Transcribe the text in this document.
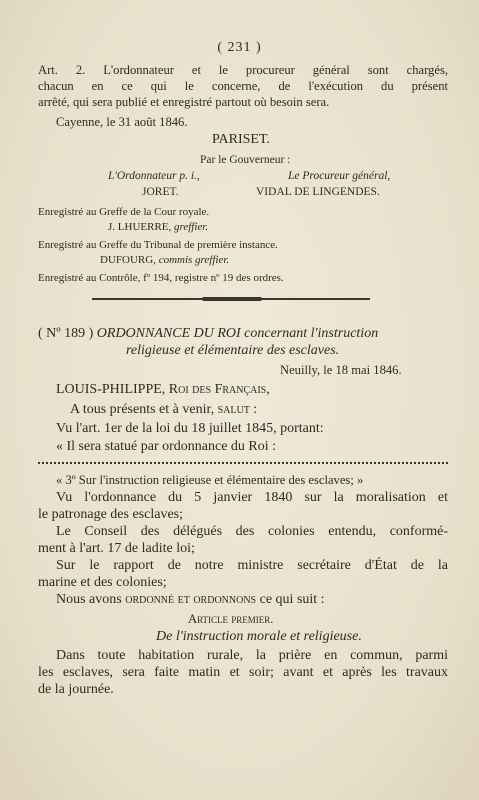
( 231 )
Art. 2. L'ordonnateur et le procureur général sont chargés,
chacun en ce qui le concerne, de l'exécution du présent
arrêté, qui sera publié et enregistré partout où besoin sera.
Cayenne, le 31 août 1846.
PARISET.
Par le Gouverneur :
L'Ordonnateur p. i.,	Le Procureur général,
JORET.	VIDAL DE LINGENDES.
Enregistré au Greffe de la Cour royale.
J. LHUERRE, greffier.
Enregistré au Greffe du Tribunal de première instance.
DUFOURG, commis greffier.
Enregistré au Contrôle, fº 194, registre nº 19 des ordres.
( Nº 189 ) ORDONNANCE DU ROI concernant l'instruction
religieuse et élémentaire des esclaves.
Neuilly, le 18 mai 1846.
LOUIS-PHILIPPE, Roi des Français,
A tous présents et à venir, salut :
Vu l'art. 1er de la loi du 18 juillet 1845, portant:
« Il sera statué par ordonnance du Roi :
« 3º Sur l'instruction religieuse et élémentaire des esclaves; »
Vu l'ordonnance du 5 janvier 1840 sur la moralisation et
le patronage des esclaves;
Le Conseil des délégués des colonies entendu, conformé-
ment à l'art. 17 de ladite loi;
Sur le rapport de notre ministre secrétaire d'État de la
marine et des colonies;
Nous avons ordonné et ordonnons ce qui suit :
Article premier.
De l'instruction morale et religieuse.
Dans toute habitation rurale, la prière en commun, parmi
les esclaves, sera faite matin et soir; avant et après les travaux
de la journée.
